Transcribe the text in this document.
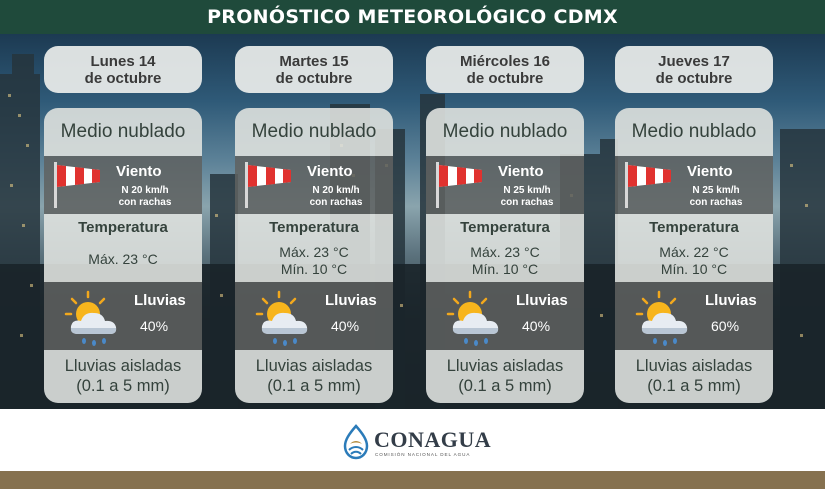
PRONÓSTICO METEOROLÓGICO CDMX
Lunes 14
de octubre
Medio nublado
Viento
N 20 km/h
con rachas
Temperatura
Máx. 23 °C
Lluvias
40%
Lluvias aisladas
(0.1 a 5 mm)
Martes 15
de octubre
Medio nublado
Viento
N 20 km/h
con rachas
Temperatura
Máx. 23 °C
Mín. 10 °C
Lluvias
40%
Lluvias aisladas
(0.1 a 5 mm)
Miércoles 16
de octubre
Medio nublado
Viento
N 25 km/h
con rachas
Temperatura
Máx. 23 °C
Mín. 10 °C
Lluvias
40%
Lluvias aisladas
(0.1 a 5 mm)
Jueves 17
de octubre
Medio nublado
Viento
N 25 km/h
con rachas
Temperatura
Máx. 22 °C
Mín. 10 °C
Lluvias
60%
Lluvias aisladas
(0.1 a 5 mm)
CONAGUA
COMISIÓN NACIONAL DEL AGUA
